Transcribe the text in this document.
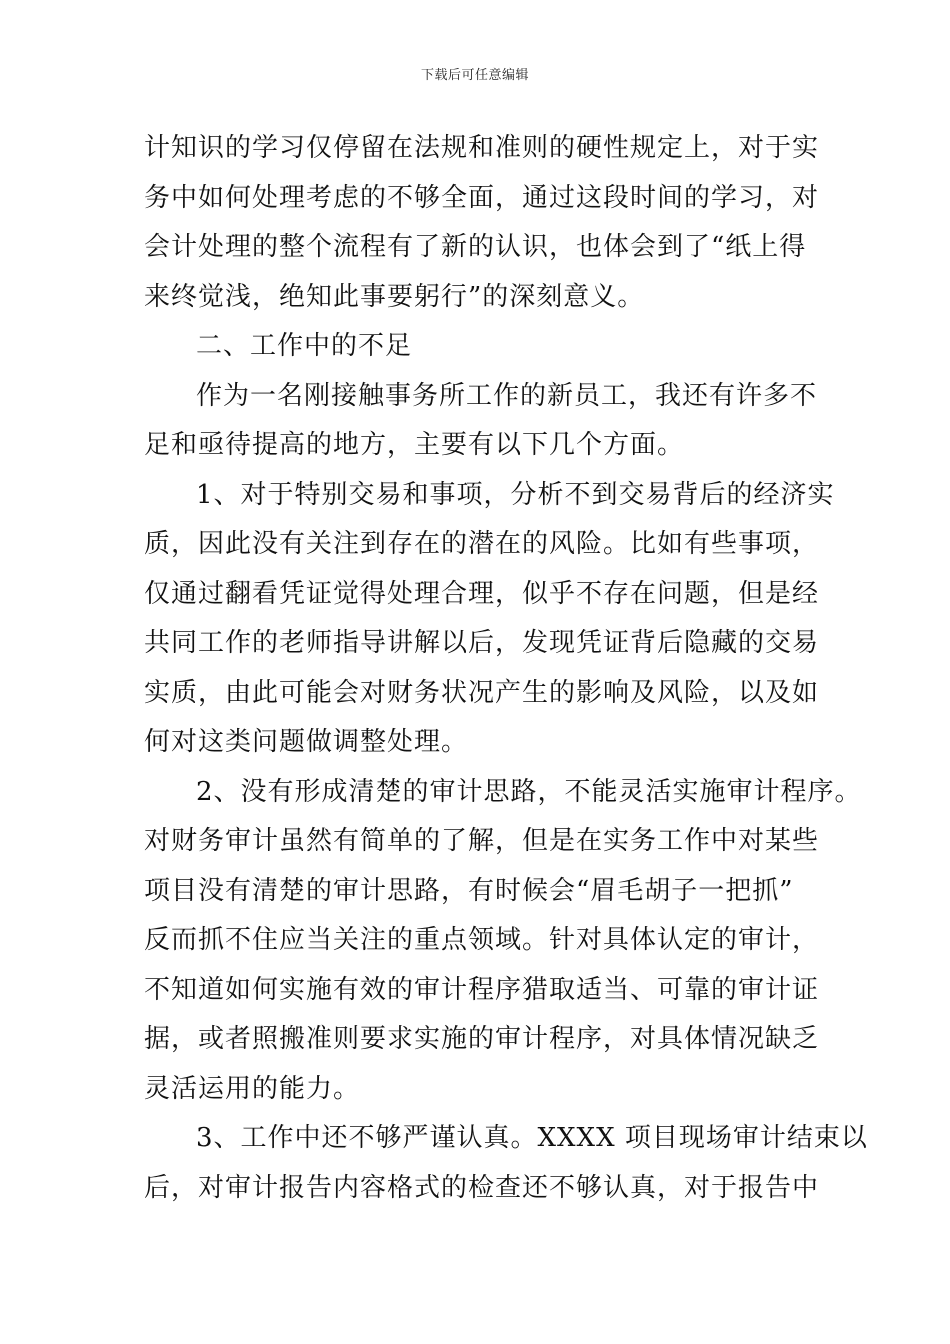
下载后可任意编辑
计知识的学习仅停留在法规和准则的硬性规定上，对于实
务中如何处理考虑的不够全面，通过这段时间的学习，对
会计处理的整个流程有了新的认识，也体会到了“纸上得
来终觉浅，绝知此事要躬行”的深刻意义。
二、工作中的不足
作为一名刚接触事务所工作的新员工，我还有许多不
足和亟待提高的地方，主要有以下几个方面。
1、对于特别交易和事项，分析不到交易背后的经济实
质，因此没有关注到存在的潜在的风险。比如有些事项，
仅通过翻看凭证觉得处理合理，似乎不存在问题，但是经
共同工作的老师指导讲解以后，发现凭证背后隐藏的交易
实质，由此可能会对财务状况产生的影响及风险，以及如
何对这类问题做调整处理。
2、没有形成清楚的审计思路，不能灵活实施审计程序。
对财务审计虽然有简单的了解，但是在实务工作中对某些
项目没有清楚的审计思路，有时候会“眉毛胡子一把抓”
反而抓不住应当关注的重点领域。针对具体认定的审计，
不知道如何实施有效的审计程序猎取适当、可靠的审计证
据，或者照搬准则要求实施的审计程序，对具体情况缺乏
灵活运用的能力。
3、工作中还不够严谨认真。XXXX 项目现场审计结束以
后，对审计报告内容格式的检查还不够认真，对于报告中
